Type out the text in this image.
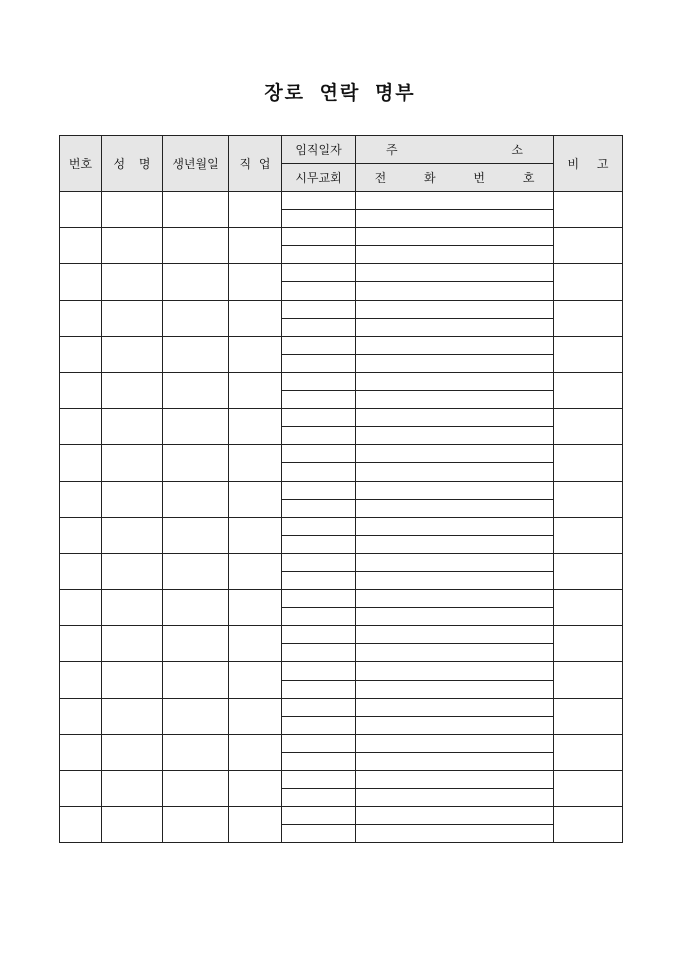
장로 연락 명부
번호	성 명	생년월일	직 업	임직일자	주 소	비 고

				시무교회	전 화 번 호	
